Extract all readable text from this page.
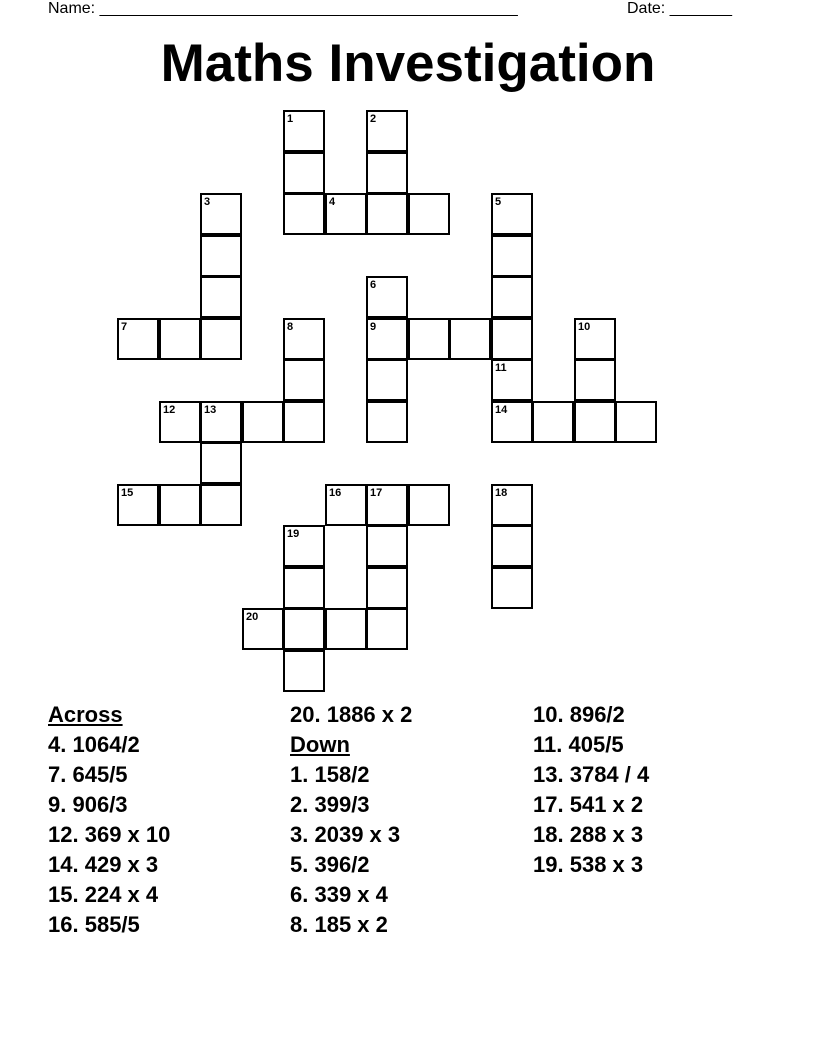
Name: _______________________________________________	Date: _______
Maths Investigation
1	2
3	4	5
6
9
7	8	10
11
14
12	13
15	16	17	18
19
20
Across
4. 1064/2
7. 645/5
9. 906/3
12. 369 x 10
14. 429 x 3
15. 224 x 4
16. 585/5
20. 1886 x 2
Down
1. 158/2
2. 399/3
3. 2039 x 3
5. 396/2
6. 339 x 4
8. 185 x 2
10. 896/2
11. 405/5
13. 3784 / 4
17. 541 x 2
18. 288 x 3
19. 538 x 3
